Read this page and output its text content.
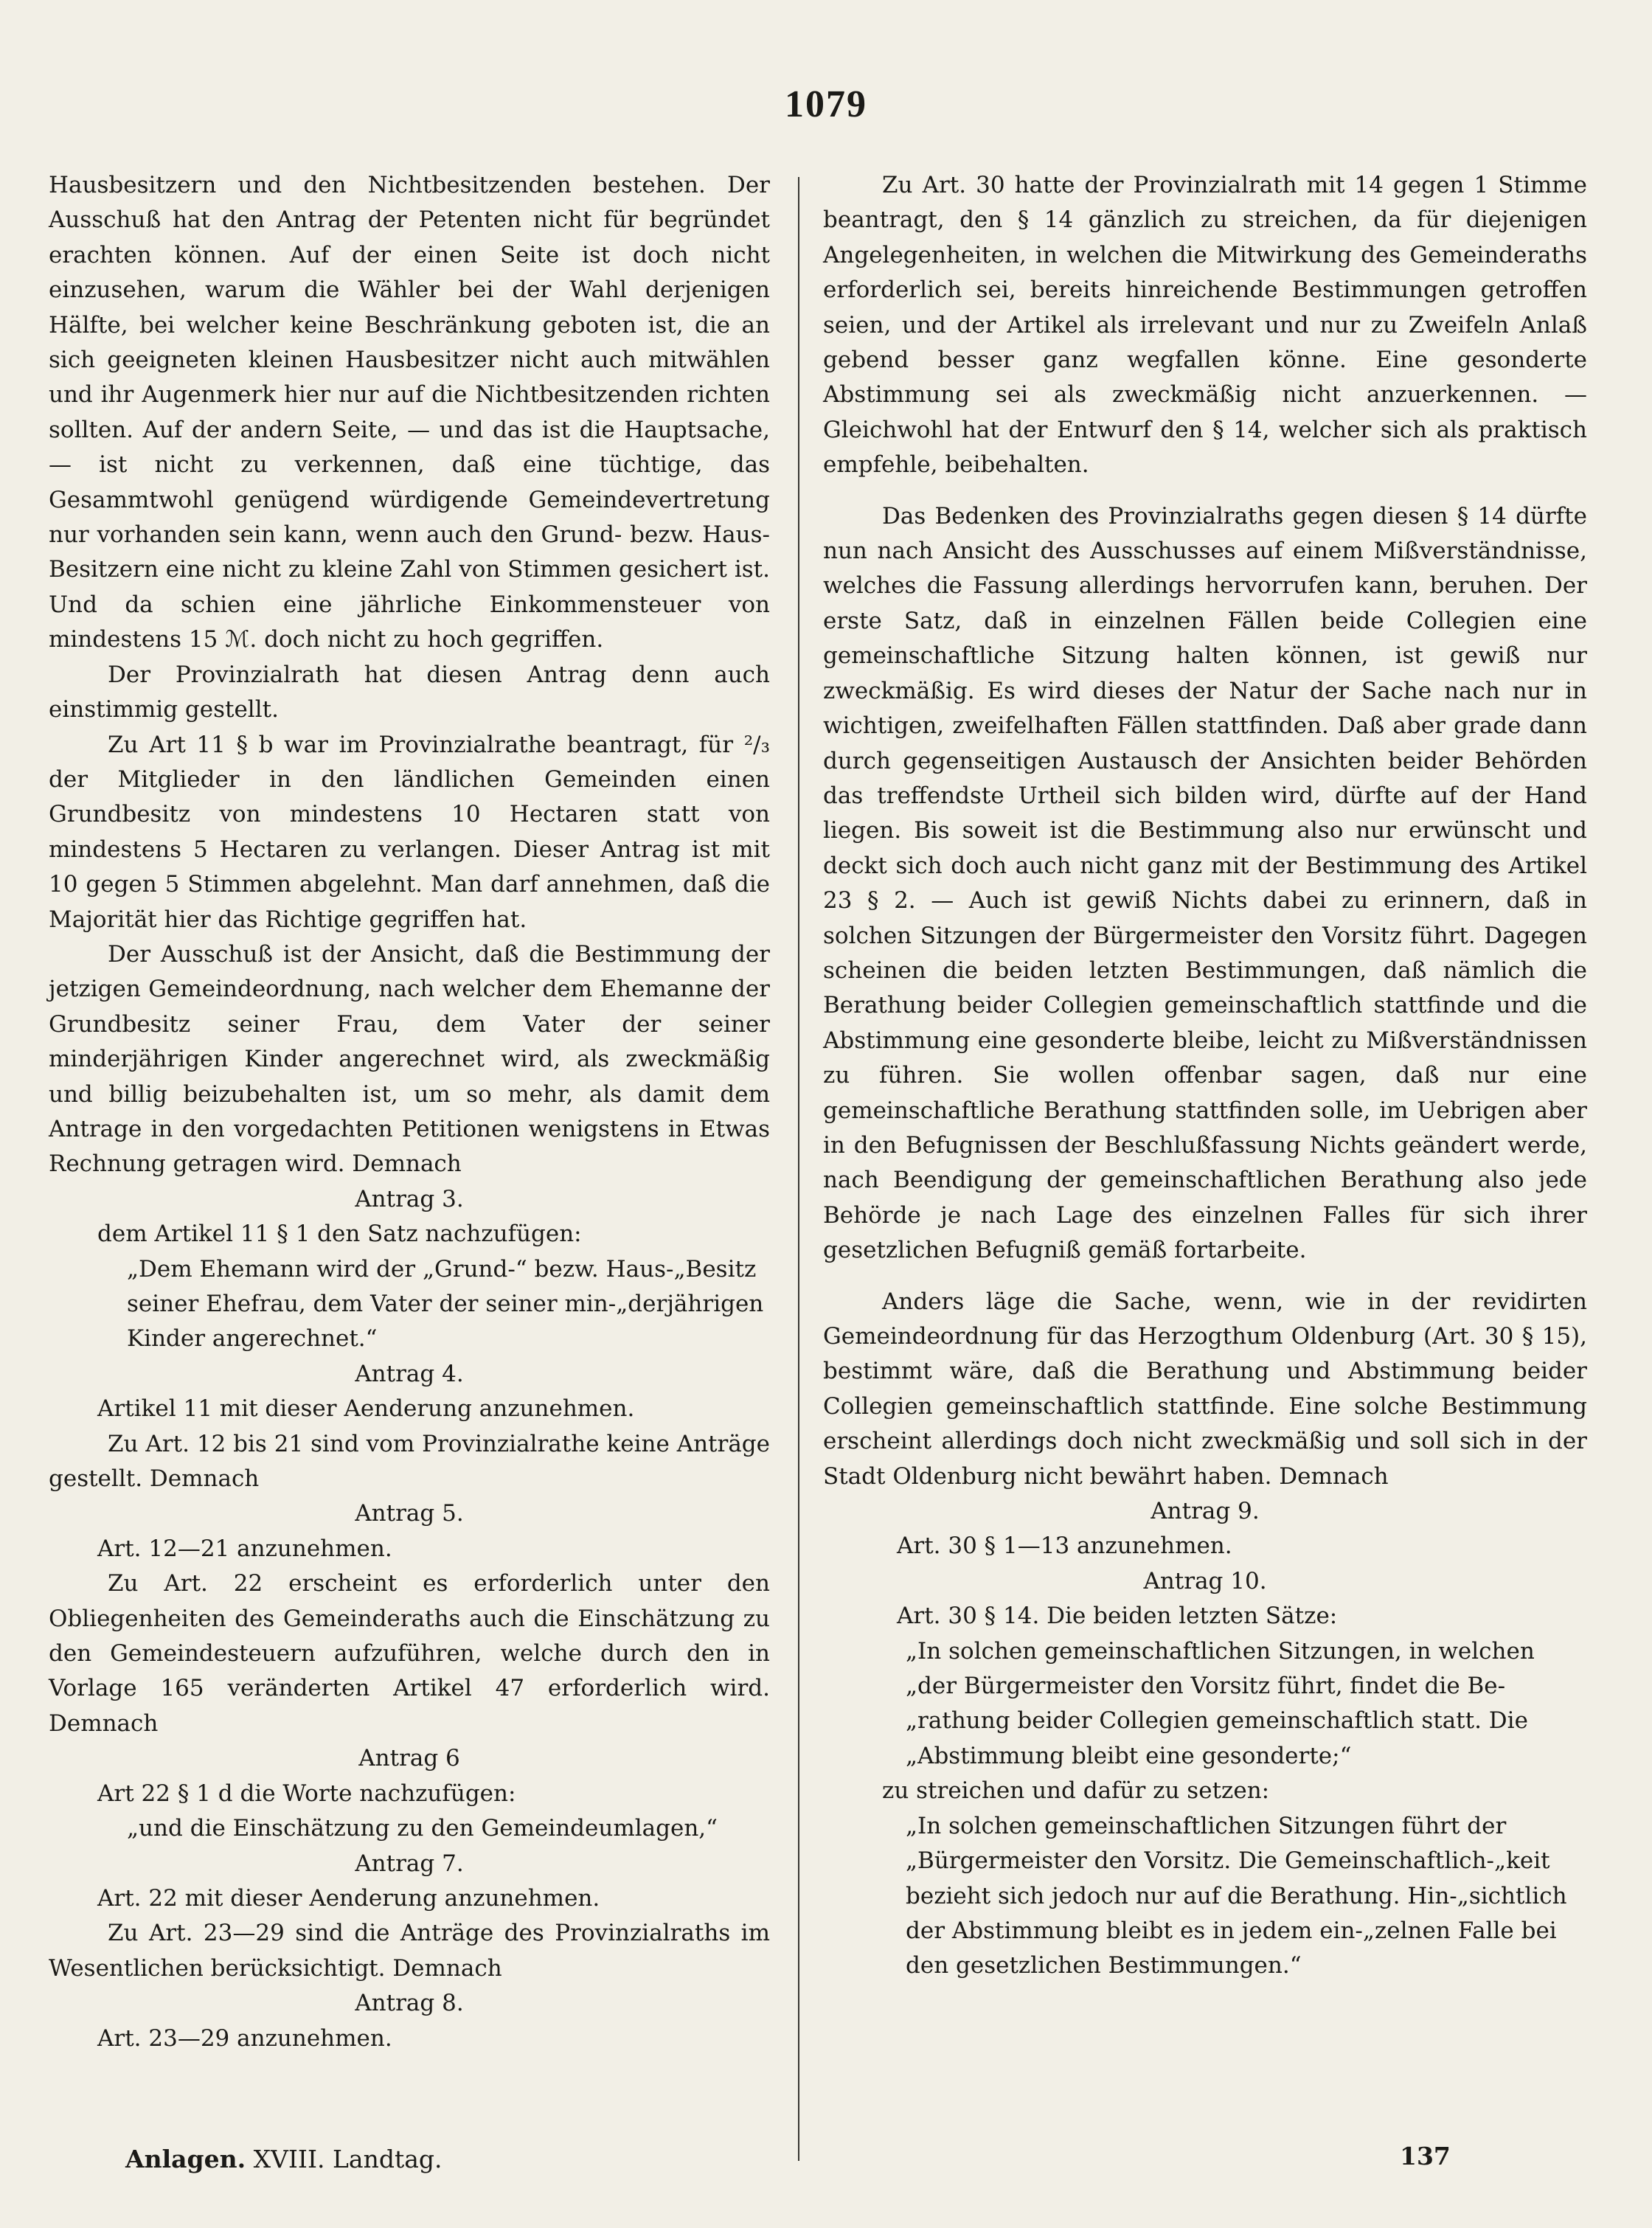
1079

Hausbesitzern und den Nichtbesitzenden bestehen. Der Ausschuß hat den Antrag der Petenten nicht für begründet erachten können. Auf der einen Seite ist doch nicht einzusehen, warum die Wähler bei der Wahl derjenigen Hälfte, bei welcher keine Beschränkung geboten ist, die an sich geeigneten kleinen Hausbesitzer nicht auch mitwählen und ihr Augenmerk hier nur auf die Nichtbesitzenden richten sollten. Auf der andern Seite, — und das ist die Hauptsache, — ist nicht zu verkennen, daß eine tüchtige, das Gesammtwohl genügend würdigende Gemeindevertretung nur vorhanden sein kann, wenn auch den Grund- bezw. Haus-Besitzern eine nicht zu kleine Zahl von Stimmen gesichert ist. Und da schien eine jährliche Einkommensteuer von mindestens 15 ℳ. doch nicht zu hoch gegriffen.

Der Provinzialrath hat diesen Antrag denn auch einstimmig gestellt.

Zu Art 11 § b war im Provinzialrathe beantragt, für ²/₃ der Mitglieder in den ländlichen Gemeinden einen Grundbesitz von mindestens 10 Hectaren statt von mindestens 5 Hectaren zu verlangen. Dieser Antrag ist mit 10 gegen 5 Stimmen abgelehnt. Man darf annehmen, daß die Majorität hier das Richtige gegriffen hat.

Der Ausschuß ist der Ansicht, daß die Bestimmung der jetzigen Gemeindeordnung, nach welcher dem Ehemanne der Grundbesitz seiner Frau, dem Vater der seiner minderjährigen Kinder angerechnet wird, als zweckmäßig und billig beizubehalten ist, um so mehr, als damit dem Antrage in den vorgedachten Petitionen wenigstens in Etwas Rechnung getragen wird. Demnach

Antrag 3.

dem Artikel 11 § 1 den Satz nachzufügen:

„Dem Ehemann wird der „Grund-“ bezw. Haus-„Besitz seiner Ehefrau, dem Vater der seiner min-„derjährigen Kinder angerechnet.“

Antrag 4.

Artikel 11 mit dieser Aenderung anzunehmen.

Zu Art. 12 bis 21 sind vom Provinzialrathe keine Anträge gestellt. Demnach

Antrag 5.

Art. 12—21 anzunehmen.

Zu Art. 22 erscheint es erforderlich unter den Obliegenheiten des Gemeinderaths auch die Einschätzung zu den Gemeindesteuern aufzuführen, welche durch den in Vorlage 165 veränderten Artikel 47 erforderlich wird. Demnach

Antrag 6

Art 22 § 1 d die Worte nachzufügen:

„und die Einschätzung zu den Gemeindeumlagen,“

Antrag 7.

Art. 22 mit dieser Aenderung anzunehmen.

Zu Art. 23—29 sind die Anträge des Provinzialraths im Wesentlichen berücksichtigt. Demnach

Antrag 8.

Art. 23—29 anzunehmen.

Zu Art. 30 hatte der Provinzialrath mit 14 gegen 1 Stimme beantragt, den § 14 gänzlich zu streichen, da für diejenigen Angelegenheiten, in welchen die Mitwirkung des Gemeinderaths erforderlich sei, bereits hinreichende Bestimmungen getroffen seien, und der Artikel als irrelevant und nur zu Zweifeln Anlaß gebend besser ganz wegfallen könne. Eine gesonderte Abstimmung sei als zweckmäßig nicht anzuerkennen. — Gleichwohl hat der Entwurf den § 14, welcher sich als praktisch empfehle, beibehalten.

Das Bedenken des Provinzialraths gegen diesen § 14 dürfte nun nach Ansicht des Ausschusses auf einem Mißverständnisse, welches die Fassung allerdings hervorrufen kann, beruhen. Der erste Satz, daß in einzelnen Fällen beide Collegien eine gemeinschaftliche Sitzung halten können, ist gewiß nur zweckmäßig. Es wird dieses der Natur der Sache nach nur in wichtigen, zweifelhaften Fällen stattfinden. Daß aber grade dann durch gegenseitigen Austausch der Ansichten beider Behörden das treffendste Urtheil sich bilden wird, dürfte auf der Hand liegen. Bis soweit ist die Bestimmung also nur erwünscht und deckt sich doch auch nicht ganz mit der Bestimmung des Artikel 23 § 2. — Auch ist gewiß Nichts dabei zu erinnern, daß in solchen Sitzungen der Bürgermeister den Vorsitz führt. Dagegen scheinen die beiden letzten Bestimmungen, daß nämlich die Berathung beider Collegien gemeinschaftlich stattfinde und die Abstimmung eine gesonderte bleibe, leicht zu Mißverständnissen zu führen. Sie wollen offenbar sagen, daß nur eine gemeinschaftliche Berathung stattfinden solle, im Uebrigen aber in den Befugnissen der Beschlußfassung Nichts geändert werde, nach Beendigung der gemeinschaftlichen Berathung also jede Behörde je nach Lage des einzelnen Falles für sich ihrer gesetzlichen Befugniß gemäß fortarbeite.

Anders läge die Sache, wenn, wie in der revidirten Gemeindeordnung für das Herzogthum Oldenburg (Art. 30 § 15), bestimmt wäre, daß die Berathung und Abstimmung beider Collegien gemeinschaftlich stattfinde. Eine solche Bestimmung erscheint allerdings doch nicht zweckmäßig und soll sich in der Stadt Oldenburg nicht bewährt haben. Demnach

Antrag 9.

Art. 30 § 1—13 anzunehmen.

Antrag 10.

Art. 30 § 14. Die beiden letzten Sätze:

„In solchen gemeinschaftlichen Sitzungen, in welchen „der Bürgermeister den Vorsitz führt, findet die Be-„rathung beider Collegien gemeinschaftlich statt. Die „Abstimmung bleibt eine gesonderte;“

zu streichen und dafür zu setzen:

„In solchen gemeinschaftlichen Sitzungen führt der „Bürgermeister den Vorsitz. Die Gemeinschaftlich-„keit bezieht sich jedoch nur auf die Berathung. Hin-„sichtlich der Abstimmung bleibt es in jedem ein-„zelnen Falle bei den gesetzlichen Bestimmungen.“

Anlagen. XVIII. Landtag.	137
